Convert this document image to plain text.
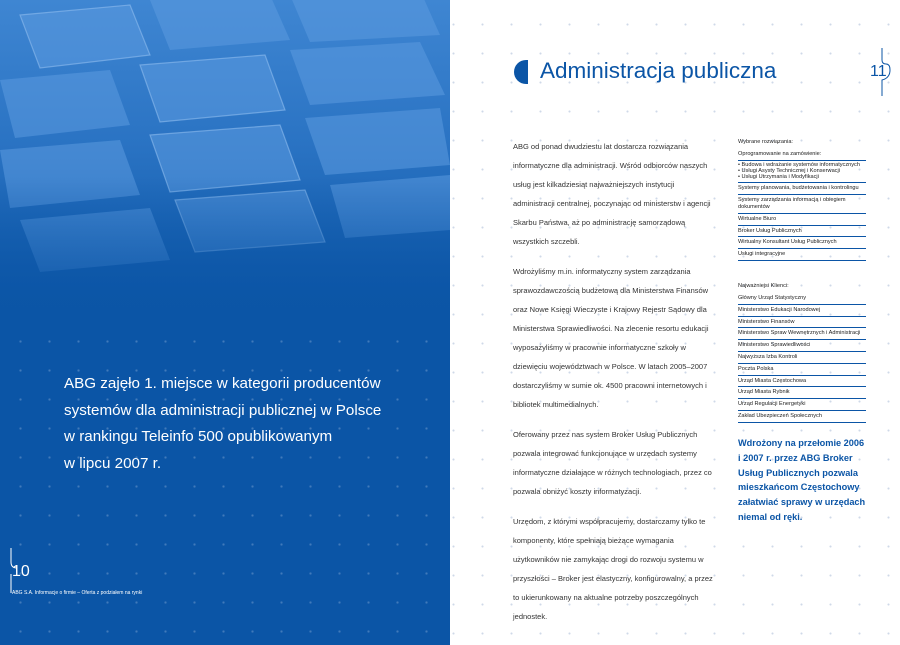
ABG zajęło 1. miejsce w kategorii producentów
systemów dla administracji publicznej w Polsce
w rankingu Teleinfo 500 opublikowanym
w lipcu 2007 r.
10
ABG S.A. Informacje o firmie – Oferta z podziałem na rynki
Administracja publiczna	11

ABG od ponad dwudziestu lat dostarcza rozwiązania informatyczne dla administracji. Wśród odbiorców naszych usług jest kilkadziesiąt najważniejszych instytucji administracji centralnej, poczynając od ministerstw i agencji Skarbu Państwa, aż po administrację samorządową wszystkich szczebli.

Wdrożyliśmy m.in. informatyczny system zarządzania sprawozdawczością budżetową dla Ministerstwa Finansów oraz Nowe Księgi Wieczyste i Krajowy Rejestr Sądowy dla Ministerstwa Sprawiedliwości. Na zlecenie resortu edukacji wyposażyliśmy w pracownie informatyczne szkoły w dziewięciu województwach w Polsce. W latach 2005–2007 dostarczyliśmy w sumie ok. 4500 pracowni internetowych i bibliotek multimedialnych.

Oferowany przez nas system Broker Usług Publicznych pozwala integrować funkcjonujące w urzędach systemy informatyczne działające w różnych technologiach, przez co pozwala obniżyć koszty informatyzacji.

Urzędom, z którymi współpracujemy, dostarczamy tylko te komponenty, które spełniają bieżące wymagania użytkowników nie zamykając drogi do rozwoju systemu w przyszłości – Broker jest elastyczny, konfigurowalny, a przez to ukierunkowany na aktualne potrzeby poszczególnych jednostek.

Wybrane rozwiązania:
Oprogramowanie na zamówienie:
• Budowa i wdrażanie systemów informatycznych
• Usługi Asysty Technicznej i Konserwacji
• Usługi Utrzymania i Modyfikacji
Systemy planowania, budżetowania i kontrolingu
Systemy zarządzania informacją i obiegiem dokumentów
Wirtualne Biuro
Broker Usług Publicznych
Wirtualny Konsultant Usług Publicznych
Usługi integracyjne
Najważniejsi Klienci:
Główny Urząd Statystyczny
Ministerstwo Edukacji Narodowej
Ministerstwo Finansów
Ministerstwo Spraw Wewnętrznych i Administracji
Ministerstwo Sprawiedliwości
Najwyższa Izba Kontroli
Poczta Polska
Urząd Miasta Częstochowa
Urząd Miasta Rybnik
Urząd Regulacji Energetyki
Zakład Ubezpieczeń Społecznych
Wdrożony na przełomie 2006 i 2007 r. przez ABG Broker Usług Publicznych pozwala mieszkańcom Częstochowy załatwiać sprawy w urzędach niemal od ręki.
